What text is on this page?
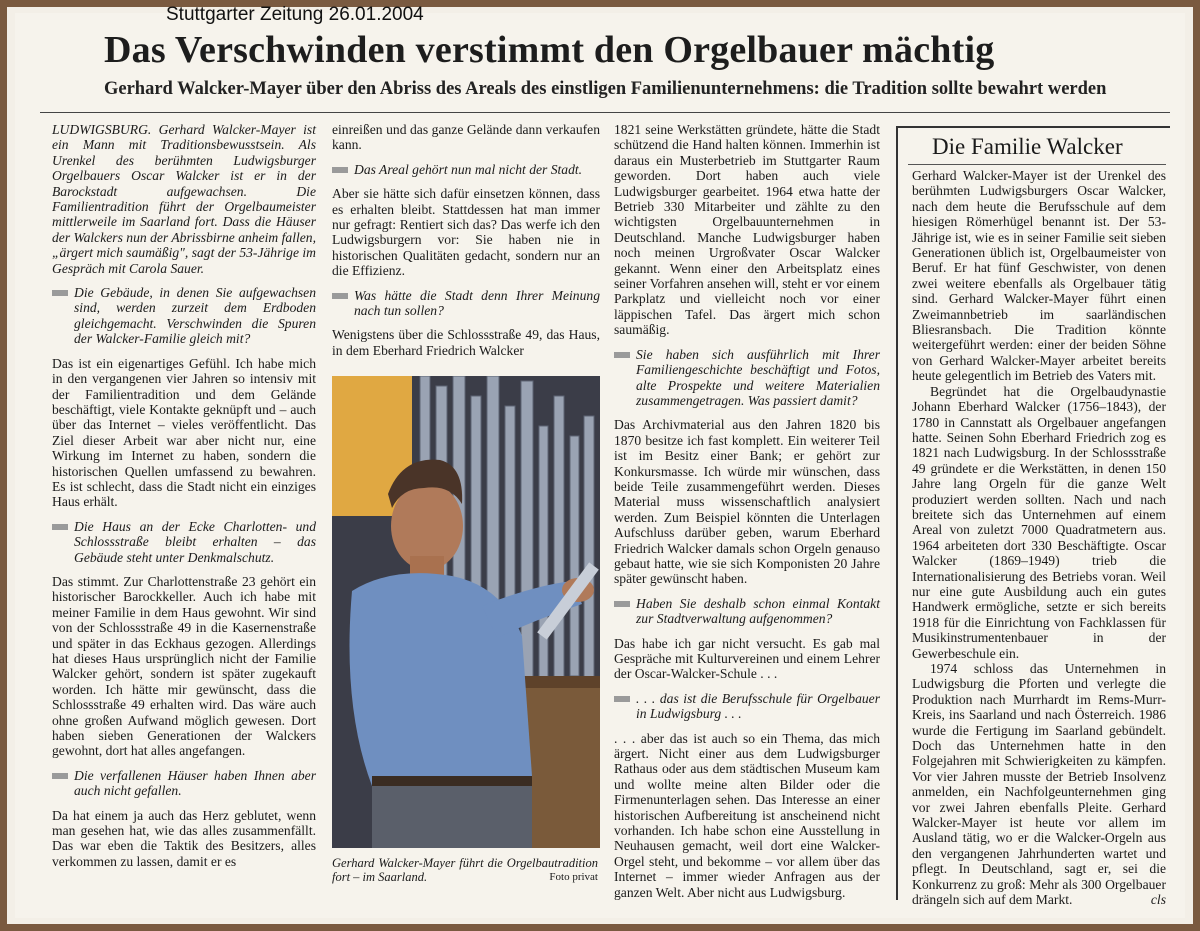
Stuttgarter Zeitung 26.01.2004
Das Verschwinden verstimmt den Orgelbauer mächtig
Gerhard Walcker-Mayer über den Abriss des Areals des einstligen Familienunternehmens: die Tradition sollte bewahrt werden

LUDWIGSBURG. Gerhard Walcker-Mayer ist ein Mann mit Traditionsbewusstsein. Als Urenkel des berühmten Ludwigsburger Orgelbauers Oscar Walcker ist er in der Barockstadt aufgewachsen. Die Familientradition führt der Orgelbaumeister mittlerweile im Saarland fort. Dass die Häuser der Walckers nun der Abrissbirne anheim fallen, „ärgert mich saumäßig", sagt der 53-Jährige im Gespräch mit Carola Sauer.

Die Gebäude, in denen Sie aufgewachsen sind, werden zurzeit dem Erdboden gleichgemacht. Verschwinden die Spuren der Walcker-Familie gleich mit?

Das ist ein eigenartiges Gefühl. Ich habe mich in den vergangenen vier Jahren so intensiv mit der Familientradition und dem Gelände beschäftigt, viele Kontakte geknüpft und – auch über das Internet – vieles veröffentlicht. Das Ziel dieser Arbeit war aber nicht nur, eine Wirkung im Internet zu haben, sondern die historischen Quellen umfassend zu bewahren. Es ist schlecht, dass die Stadt nicht ein einziges Haus erhält.

Die Haus an der Ecke Charlotten- und Schlossstraße bleibt erhalten – das Gebäude steht unter Denkmalschutz.

Das stimmt. Zur Charlottenstraße 23 gehört ein historischer Barockkeller. Auch ich habe mit meiner Familie in dem Haus gewohnt. Wir sind von der Schlossstraße 49 in die Kasernenstraße und später in das Eckhaus gezogen. Allerdings hat dieses Haus ursprünglich nicht der Familie Walcker gehört, sondern ist später zugekauft worden. Ich hätte mir gewünscht, dass die Schlossstraße 49 erhalten wird. Das wäre auch ohne großen Aufwand möglich gewesen. Dort haben sieben Generationen der Walckers gewohnt, dort hat alles angefangen.

Die verfallenen Häuser haben Ihnen aber auch nicht gefallen.

Da hat einem ja auch das Herz geblutet, wenn man gesehen hat, wie das alles zusammenfällt. Das war eben die Taktik des Besitzers, alles verkommen zu lassen, damit er es

einreißen und das ganze Gelände dann verkaufen kann.

Das Areal gehört nun mal nicht der Stadt.

Aber sie hätte sich dafür einsetzen können, dass es erhalten bleibt. Stattdessen hat man immer nur gefragt: Rentiert sich das? Das werfe ich den Ludwigsburgern vor: Sie haben nie in historischen Qualitäten gedacht, sondern nur an die Effizienz.

Was hätte die Stadt denn Ihrer Meinung nach tun sollen?

Wenigstens über die Schlossstraße 49, das Haus, in dem Eberhard Friedrich Walcker

Gerhard Walcker-Mayer führt die Orgelbautradition fort – im Saarland.	Foto privat

1821 seine Werkstätten gründete, hätte die Stadt schützend die Hand halten können. Immerhin ist daraus ein Musterbetrieb im Stuttgarter Raum geworden. Dort haben auch viele Ludwigsburger gearbeitet. 1964 etwa hatte der Betrieb 330 Mitarbeiter und zählte zu den wichtigsten Orgelbauunternehmen in Deutschland. Manche Ludwigsburger haben noch meinen Urgroßvater Oscar Walcker gekannt. Wenn einer den Arbeitsplatz eines seiner Vorfahren ansehen will, steht er vor einem Parkplatz und vielleicht noch vor einer läppischen Tafel. Das ärgert mich schon saumäßig.

Sie haben sich ausführlich mit Ihrer Familiengeschichte beschäftigt und Fotos, alte Prospekte und weitere Materialien zusammengetragen. Was passiert damit?

Das Archivmaterial aus den Jahren 1820 bis 1870 besitze ich fast komplett. Ein weiterer Teil ist im Besitz einer Bank; er gehört zur Konkursmasse. Ich würde mir wünschen, dass beide Teile zusammengeführt werden. Dieses Material muss wissenschaftlich analysiert werden. Zum Beispiel könnten die Unterlagen Aufschluss darüber geben, warum Eberhard Friedrich Walcker damals schon Orgeln genauso gebaut hatte, wie sie sich Komponisten 20 Jahre später gewünscht haben.

Haben Sie deshalb schon einmal Kontakt zur Stadtverwaltung aufgenommen?

Das habe ich gar nicht versucht. Es gab mal Gespräche mit Kulturvereinen und einem Lehrer der Oscar-Walcker-Schule . . .

. . . das ist die Berufsschule für Orgelbauer in Ludwigsburg . . .

. . . aber das ist auch so ein Thema, das mich ärgert. Nicht einer aus dem Ludwigsburger Rathaus oder aus dem städtischen Museum kam und wollte meine alten Bilder oder die Firmenunterlagen sehen. Das Interesse an einer historischen Aufbereitung ist anscheinend nicht vorhanden. Ich habe schon eine Ausstellung in Neuhausen gemacht, weil dort eine Walcker-Orgel steht, und bekomme – vor allem über das Internet – immer wieder Anfragen aus der ganzen Welt. Aber nicht aus Ludwigsburg.

Die Familie Walcker

Gerhard Walcker-Mayer ist der Urenkel des berühmten Ludwigsburgers Oscar Walcker, nach dem heute die Berufsschule auf dem hiesigen Römerhügel benannt ist. Der 53-Jährige ist, wie es in seiner Familie seit sieben Generationen üblich ist, Orgelbaumeister von Beruf. Er hat fünf Geschwister, von denen zwei weitere ebenfalls als Orgelbauer tätig sind. Gerhard Walcker-Mayer führt einen Zweimannbetrieb im saarländischen Bliesransbach. Die Tradition könnte weitergeführt werden: einer der beiden Söhne von Gerhard Walcker-Mayer arbeitet bereits heute gelegentlich im Betrieb des Vaters mit.

Begründet hat die Orgelbaudynastie Johann Eberhard Walcker (1756–1843), der 1780 in Cannstatt als Orgelbauer angefangen hatte. Seinen Sohn Eberhard Friedrich zog es 1821 nach Ludwigsburg. In der Schlossstraße 49 gründete er die Werkstätten, in denen 150 Jahre lang Orgeln für die ganze Welt produziert werden sollten. Nach und nach breitete sich das Unternehmen auf einem Areal von zuletzt 7000 Quadratmetern aus. 1964 arbeiteten dort 330 Beschäftigte. Oscar Walcker (1869–1949) trieb die Internationalisierung des Betriebs voran. Weil nur eine gute Ausbildung auch ein gutes Handwerk ermögliche, setzte er sich bereits 1918 für die Einrichtung von Fachklassen für Musikinstrumentenbauer in der Gewerbeschule ein.

1974 schloss das Unternehmen in Ludwigsburg die Pforten und verlegte die Produktion nach Murrhardt im Rems-Murr-Kreis, ins Saarland und nach Österreich. 1986 wurde die Fertigung im Saarland gebündelt. Doch das Unternehmen hatte in den Folgejahren mit Schwierigkeiten zu kämpfen. Vor vier Jahren musste der Betrieb Insolvenz anmelden, ein Nachfolgeunternehmen ging vor zwei Jahren ebenfalls Pleite. Gerhard Walcker-Mayer ist heute vor allem im Ausland tätig, wo er die Walcker-Orgeln aus den vergangenen Jahrhunderten wartet und pflegt. In Deutschland, sagt er, sei die Konkurrenz zu groß: Mehr als 300 Orgelbauer drängeln sich auf dem Markt.	cls
